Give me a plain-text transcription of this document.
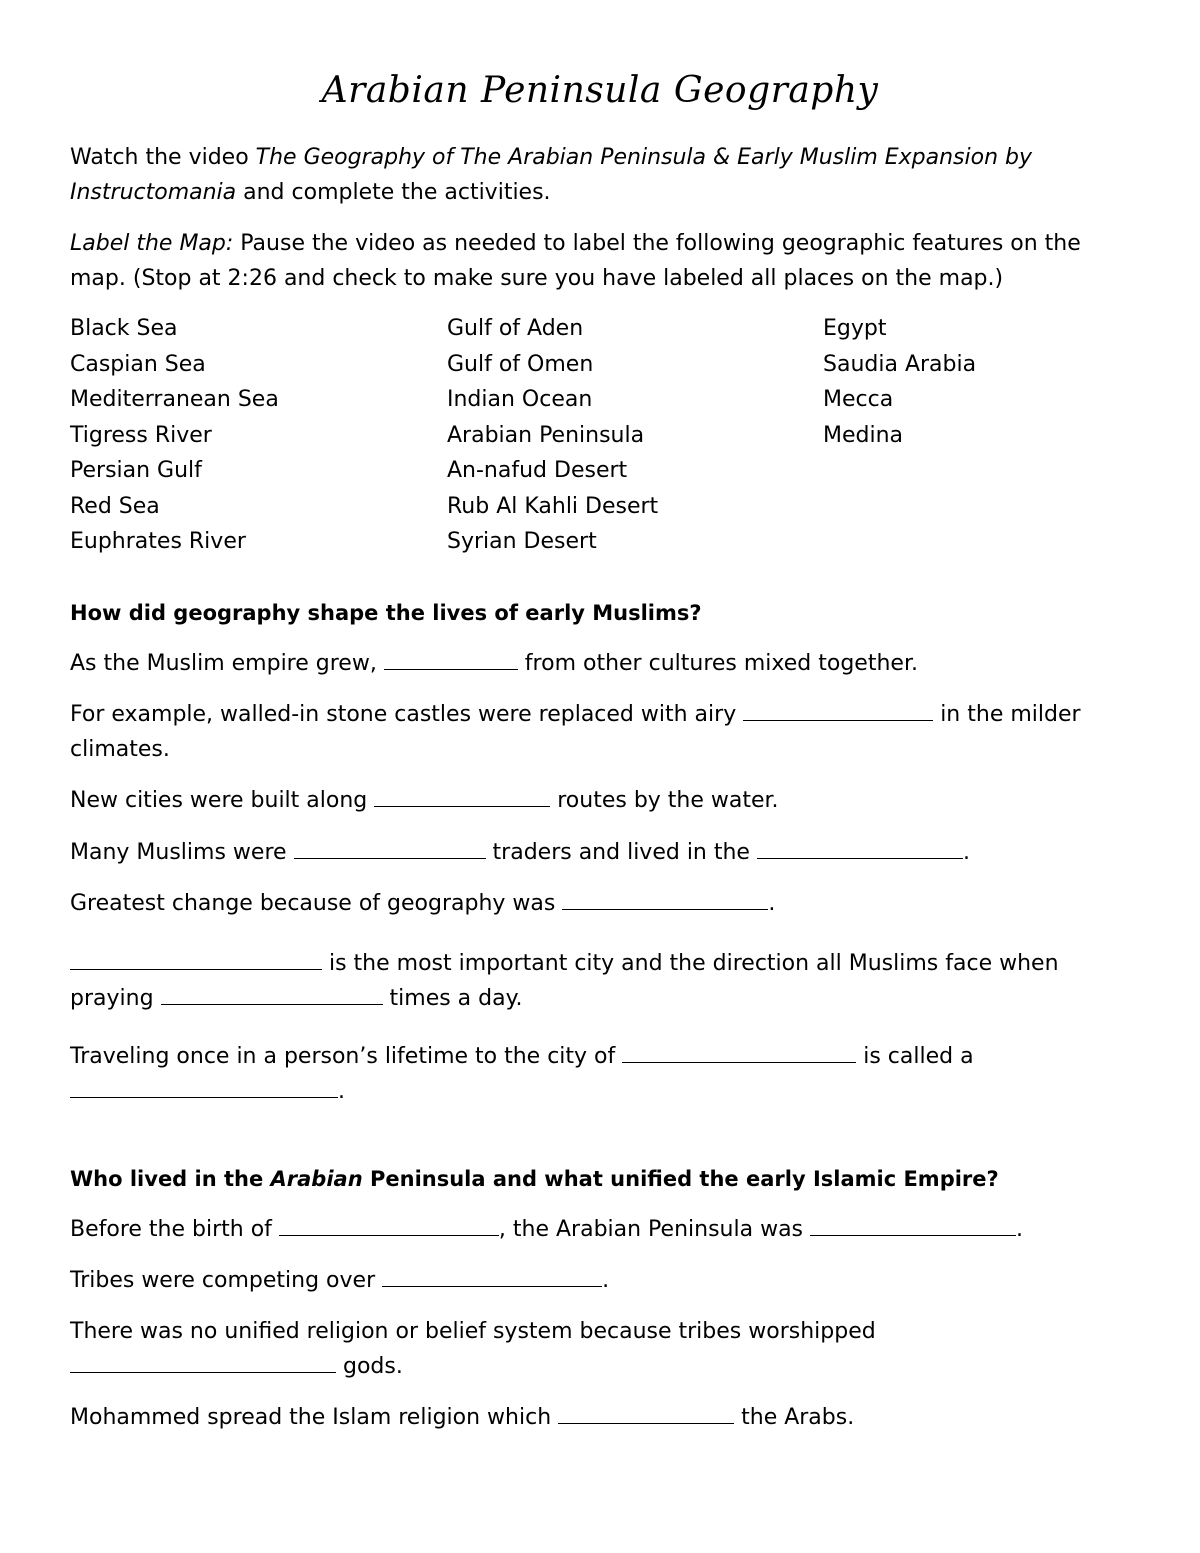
Arabian Peninsula Geography
Watch the video The Geography of The Arabian Peninsula & Early Muslim Expansion by Instructomania and complete the activities.
Label the Map: Pause the video as needed to label the following geographic features on the map. (Stop at 2:26 and check to make sure you have labeled all places on the map.)
Black Sea
Caspian Sea
Mediterranean Sea
Tigress River
Persian Gulf
Red Sea
Euphrates River
Gulf of Aden
Gulf of Omen
Indian Ocean
Arabian Peninsula
An-nafud Desert
Rub Al Kahli Desert
Syrian Desert
Egypt
Saudia Arabia
Mecca
Medina
How did geography shape the lives of early Muslims?
As the Muslim empire grew,	from other cultures mixed together.
For example, walled-in stone castles were replaced with airy	in the milder climates.
New cities were built along	routes by the water.
Many Muslims were	traders and lived in the	.
Greatest change because of geography was	.
is the most important city and the direction all Muslims face when praying	times a day.
Traveling once in a person’s lifetime to the city of	is called a .
Who lived in the Arabian Peninsula and what unified the early Islamic Empire?
Before the birth of	, the Arabian Peninsula was	.
Tribes were competing over	.
There was no unified religion or belief system because tribes worshipped  gods.
Mohammed spread the Islam religion which	the Arabs.
